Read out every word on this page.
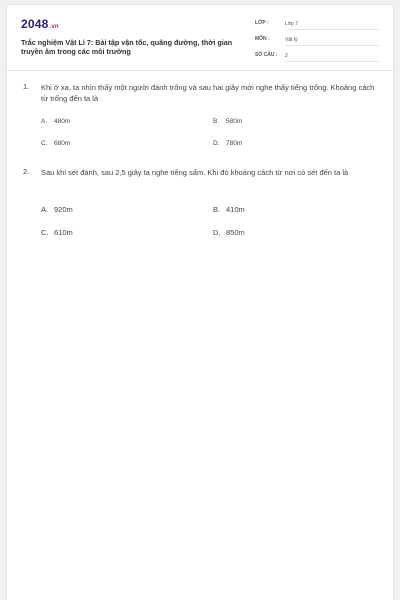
2048.vn
Trắc nghiệm Vật Lí 7: Bài tập vận tốc, quãng đường, thời gian truyền âm trong các môi trường
LỚP :	Lớp 7
MÔN :	Vật lý
SỐ CÂU : 2
1. Khi ở xa, ta nhìn thấy một người đánh trống và sau hai giây mới nghe thấy tiếng trống. Khoảng cách từ trống đến ta là
A. 480m	B. 580m
C. 680m	D. 780m
2. Sau khi sét đánh, sau 2,5 giây ta nghe tiếng sấm. Khi đó khoảng cách từ nơi có sét đến ta là
A. 920m	B. 410m
C. 610m	D. 850m
